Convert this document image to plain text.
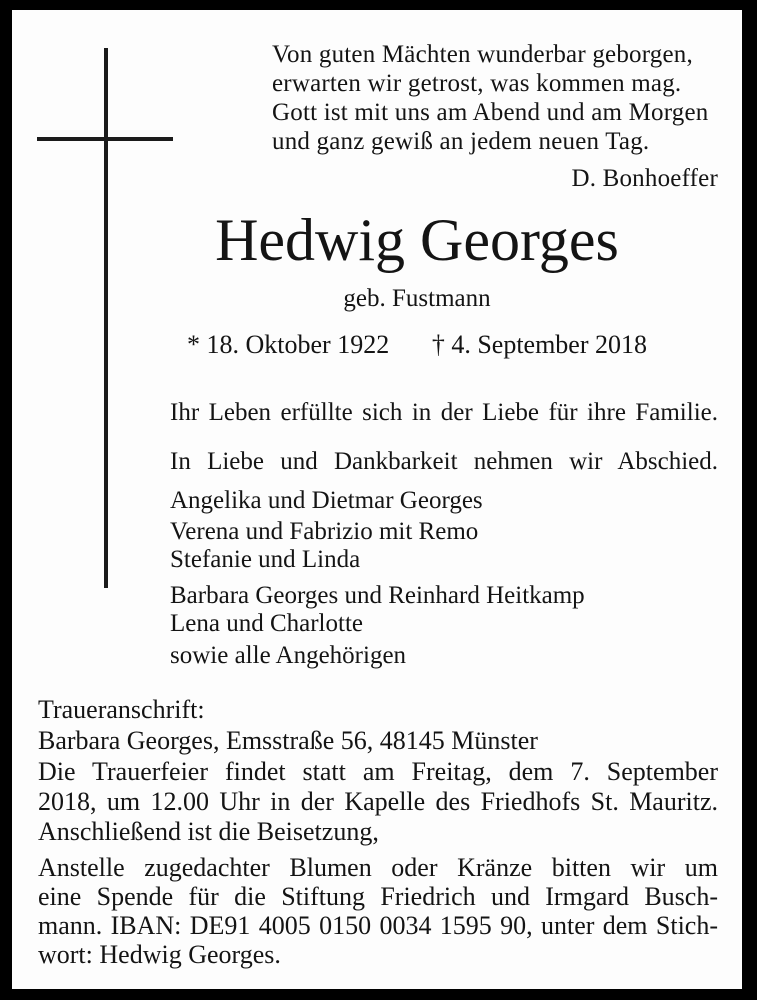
Von guten Mächten wunderbar geborgen,
erwarten wir getrost, was kommen mag.
Gott ist mit uns am Abend und am Morgen
und ganz gewiß an jedem neuen Tag.
D. Bonhoeffer
Hedwig Georges
geb. Fustmann
* 18. Oktober 1922 † 4. September 2018
Ihr Leben erfüllte sich in der Liebe für ihre Familie.
In Liebe und Dankbarkeit nehmen wir Abschied.
Angelika und Dietmar Georges
Verena und Fabrizio mit Remo
Stefanie und Linda
Barbara Georges und Reinhard Heitkamp
Lena und Charlotte
sowie alle Angehörigen
Traueranschrift:
Barbara Georges, Emsstraße 56, 48145 Münster
Die Trauerfeier findet statt am Freitag, dem 7. September
2018, um 12.00 Uhr in der Kapelle des Friedhofs St. Mauritz.
Anschließend ist die Beisetzung,
Anstelle zugedachter Blumen oder Kränze bitten wir um
eine Spende für die Stiftung Friedrich und Irmgard Busch-
mann. IBAN: DE91 4005 0150 0034 1595 90, unter dem Stich-
wort: Hedwig Georges.
